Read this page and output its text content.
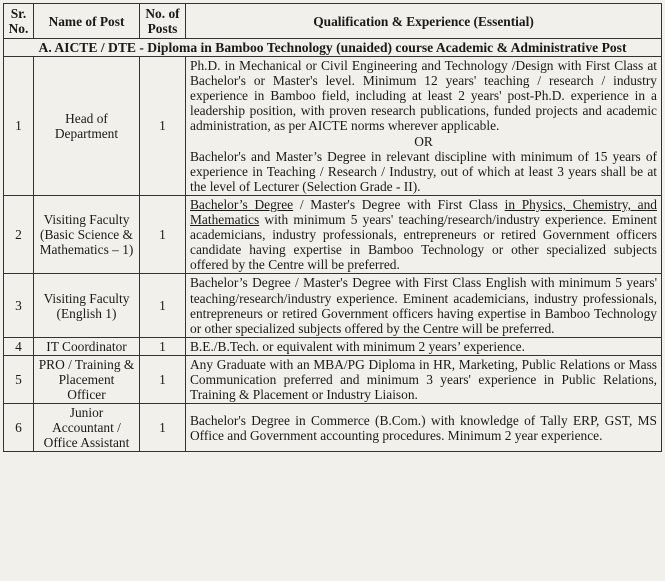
Sr. No.	Name of Post	No. of Posts	Qualification & Experience (Essential)
A. AICTE / DTE - Diploma in Bamboo Technology (unaided) course Academic & Administrative Post			
1	Head of Department	1	Ph.D. in Mechanical or Civil Engineering and Technology /Design with First Class at Bachelor's or Master's level. Minimum 12 years' teaching / research / industry experience in Bamboo field, including at least 2 years' post-Ph.D. experience in a leadership position, with proven research publications, funded projects and academic administration, as per AICTE norms wherever applicable.
OR
Bachelor's and Master’s Degree in relevant discipline with minimum of 15 years of experience in Teaching / Research / Industry, out of which at least 3 years shall be at the level of Lecturer (Selection Grade - II).
2	Visiting Faculty (Basic Science & Mathematics – 1)	1	Bachelor’s Degree / Master's Degree with First Class in Physics, Chemistry, and Mathematics with minimum 5 years' teaching/research/industry experience. Eminent academicians, industry professionals, entrepreneurs or retired Government officers candidate having expertise in Bamboo Technology or other specialized subjects offered by the Centre will be preferred.
3	Visiting Faculty (English 1)	1	Bachelor’s Degree / Master's Degree with First Class English with minimum 5 years' teaching/research/industry experience. Eminent academicians, industry professionals, entrepreneurs or retired Government officers having expertise in Bamboo Technology or other specialized subjects offered by the Centre will be preferred.
4	IT Coordinator	1	B.E./B.Tech. or equivalent with minimum 2 years’ experience.
5	PRO / Training & Placement Officer	1	Any Graduate with an MBA/PG Diploma in HR, Marketing, Public Relations or Mass Communication preferred and minimum 3 years' experience in Public Relations, Training & Placement or Industry Liaison.
6	Junior Accountant / Office Assistant	1	Bachelor's Degree in Commerce (B.Com.) with knowledge of Tally ERP, GST, MS Office and Government accounting procedures. Minimum 2 year experience.
